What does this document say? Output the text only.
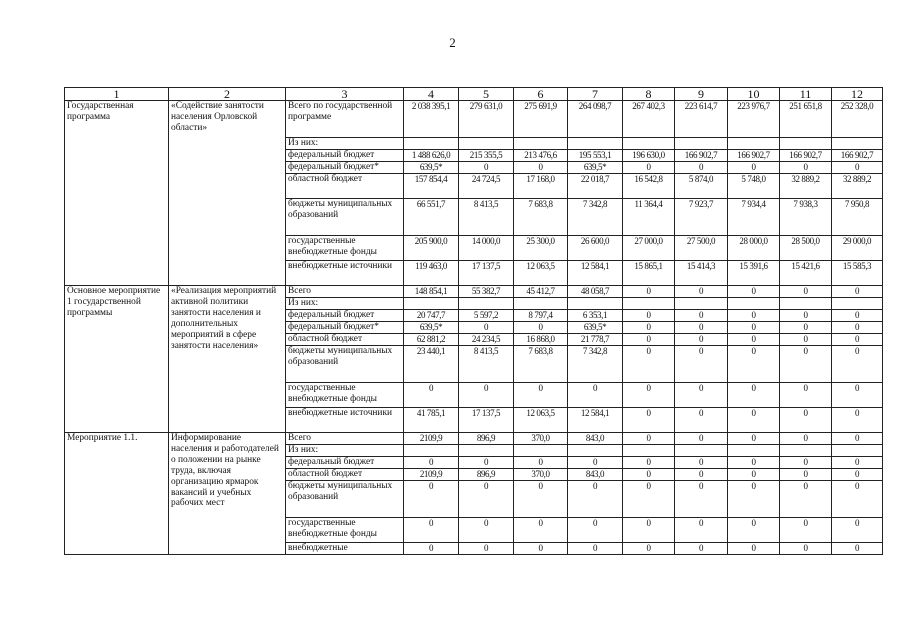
2
1	2	3	4	5	6	7	8	9	10	11	12
Государственная программа	«Содействие занятости населения Орловской области»	Всего по государственной программе	2 038 395,1	279 631,0	275 691,9	264 098,7	267 402,3	223 614,7	223 976,7	251 651,8	252 328,0
		Из них:									
		федеральный бюджет	1 488 626,0	215 355,5	213 476,6	195 553,1	196 630,0	166 902,7	166 902,7	166 902,7	166 902,7
		федеральный бюджет*	639,5*	0	0	639,5*	0	0	0	0	0
		областной бюджет	157 854,4	24 724,5	17 168,0	22 018,7	16 542,8	5 874,0	5 748,0	32 889,2	32 889,2
		бюджеты муниципальных образований	66 551,7	8 413,5	7 683,8	7 342,8	11 364,4	7 923,7	7 934,4	7 938,3	7 950,8
		государственные внебюджетные фонды	205 900,0	14 000,0	25 300,0	26 600,0	27 000,0	27 500,0	28 000,0	28 500,0	29 000,0
		внебюджетные источники	119 463,0	17 137,5	12 063,5	12 584,1	15 865,1	15 414,3	15 391,6	15 421,6	15 585,3
Основное мероприятие 1 государственной программы	«Реализация мероприятий активной политики занятости населения и дополнительных мероприятий в сфере занятости населения»	Всего	148 854,1	55 382,7	45 412,7	48 058,7	0	0	0	0	0
		Из них:									
		федеральный бюджет	20 747,7	5 597,2	8 797,4	6 353,1	0	0	0	0	0
		федеральный бюджет*	639,5*	0	0	639,5*	0	0	0	0	0
		областной бюджет	62 881,2	24 234,5	16 868,0	21 778,7	0	0	0	0	0
		бюджеты муниципальных образований	23 440,1	8 413,5	7 683,8	7 342,8	0	0	0	0	0
		государственные внебюджетные фонды	0	0	0	0	0	0	0	0	0
		внебюджетные источники	41 785,1	17 137,5	12 063,5	12 584,1	0	0	0	0	0
Мероприятие 1.1.	Информирование населения и работодателей о положении на рынке труда, включая организацию ярмарок вакансий и учебных рабочих мест	Всего	2109,9	896,9	370,0	843,0	0	0	0	0	0
		Из них:									
		федеральный бюджет	0	0	0	0	0	0	0	0	0
		областной бюджет	2109,9	896,9	370,0	843,0	0	0	0	0	0
		бюджеты муниципальных образований	0	0	0	0	0	0	0	0	0
		государственные внебюджетные фонды	0	0	0	0	0	0	0	0	0
		внебюджетные	0	0	0	0	0	0	0	0	0
